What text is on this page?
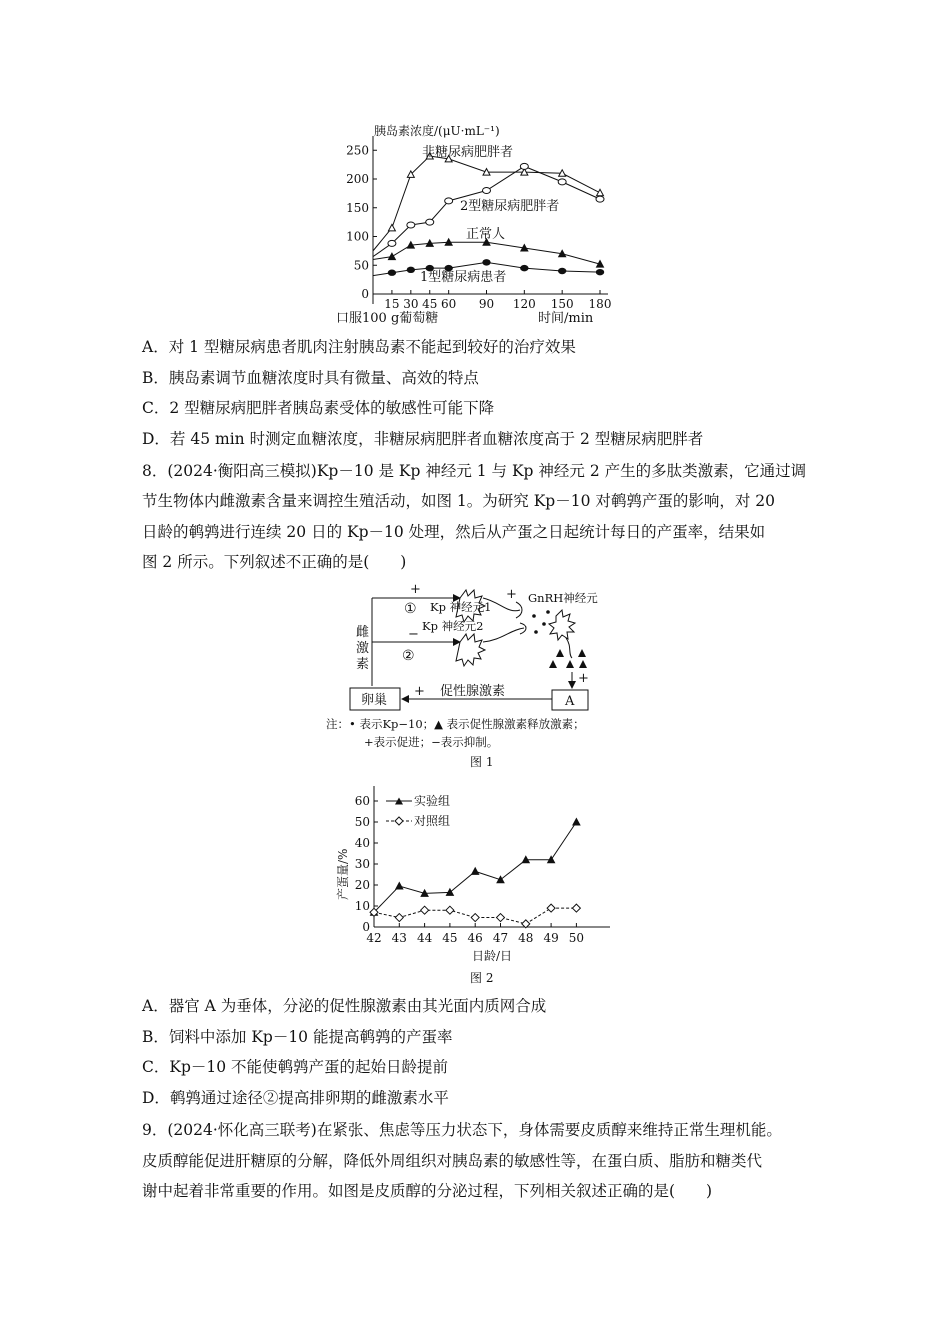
胰岛素浓度/(μU·mL⁻¹)
250
200
150
100
50
0
15 30 45 60 90 120 150 180
非糖尿病肥胖者
2型糖尿病肥胖者
正常人
1型糖尿病患者
口服100 g葡萄糖	时间/min
A．对 1 型糖尿病患者肌肉注射胰岛素不能起到较好的治疗效果
B．胰岛素调节血糖浓度时具有微量、高效的特点
C．2 型糖尿病肥胖者胰岛素受体的敏感性可能下降
D．若 45 min 时测定血糖浓度，非糖尿病肥胖者血糖浓度高于 2 型糖尿病肥胖者
8．(2024·衡阳高三模拟)Kp－10 是 Kp 神经元 1 与 Kp 神经元 2 产生的多肽类激素，它通过调
节生物体内雌激素含量来调控生殖活动，如图 1。为研究 Kp－10 对鹌鹑产蛋的影响，对 20
日龄的鹌鹑进行连续 20 日的 Kp－10 处理，然后从产蛋之日起统计每日的产蛋率，结果如
图 2 所示。下列叙述不正确的是(　　)
+
①
−
②
雌
激
素
Kp 神经元1
Kp 神经元2
+ GnRH神经元
+
卵巢	A
+ 促性腺激素
注：• 表示Kp−10；▲ 表示促性腺激素释放激素；
+表示促进；−表示抑制。
图 1
产蛋量/%
60
50
40
30
20
10
0
42 43 44 45 46 47 48 49 50
实验组
对照组
日龄/日
图 2
A．器官 A 为垂体，分泌的促性腺激素由其光面内质网合成
B．饲料中添加 Kp－10 能提高鹌鹑的产蛋率
C．Kp－10 不能使鹌鹑产蛋的起始日龄提前
D．鹌鹑通过途径②提高排卵期的雌激素水平
9．(2024·怀化高三联考)在紧张、焦虑等压力状态下，身体需要皮质醇来维持正常生理机能。
皮质醇能促进肝糖原的分解，降低外周组织对胰岛素的敏感性等，在蛋白质、脂肪和糖类代
谢中起着非常重要的作用。如图是皮质醇的分泌过程，下列相关叙述正确的是(　　)
